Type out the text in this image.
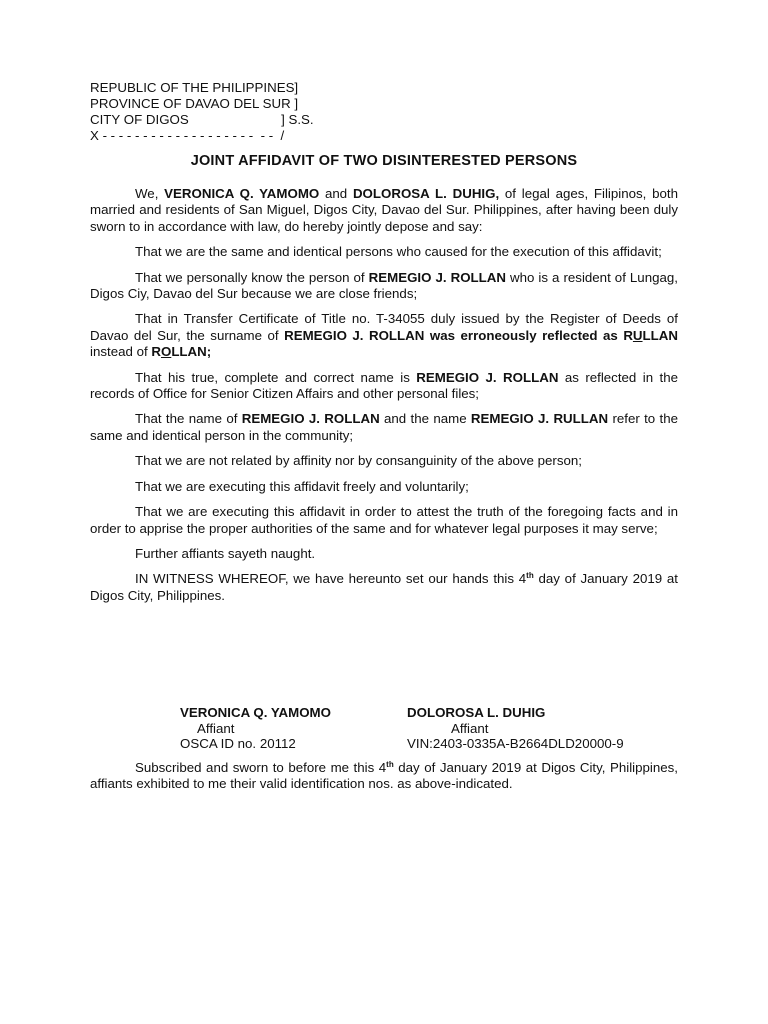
REPUBLIC OF THE PHILIPPINES]
PROVINCE OF DAVAO DEL SUR ]
CITY OF DIGOS                         ] S.S.
X - - - - - - - - - - - - - - - - - - -  - -  /
JOINT AFFIDAVIT OF TWO DISINTERESTED PERSONS

We, VERONICA Q. YAMOMO and DOLOROSA L. DUHIG, of legal ages, Filipinos, both married and residents of San Miguel, Digos City, Davao del Sur. Philippines, after having been duly sworn to in accordance with law, do hereby jointly depose and say:

That we are the same and identical persons who caused for the execution of this affidavit;

That we personally know the person of REMEGIO J. ROLLAN who is a resident of Lungag, Digos Ciy, Davao del Sur because we are close friends;

That in Transfer Certificate of Title no. T-34055 duly issued by the Register of Deeds of Davao del Sur, the surname of REMEGIO J. ROLLAN was erroneously reflected as RULLAN instead of ROLLAN;

That his true, complete and correct name is REMEGIO J. ROLLAN as reflected in the records of Office for Senior Citizen Affairs and other personal files;

That the name of REMEGIO J. ROLLAN and the name REMEGIO J. RULLAN refer to the same and identical person in the community;

That we are not related by affinity nor by consanguinity of the above person;

That we are executing this affidavit freely and voluntarily;

That we are executing this affidavit in order to attest the truth of the foregoing facts and in order to apprise the proper authorities of the same and for whatever legal purposes it may serve;

Further affiants sayeth naught.

IN WITNESS WHEREOF, we have hereunto set our hands this 4th day of January 2019 at Digos City, Philippines.

VERONICA Q. YAMOMO
Affiant
OSCA ID no. 20112
DOLOROSA L. DUHIG
Affiant
VIN:2403-0335A-B2664DLD20000-9

Subscribed and sworn to before me this 4th day of January 2019 at Digos City, Philippines, affiants exhibited to me their valid identification nos. as above-indicated.
